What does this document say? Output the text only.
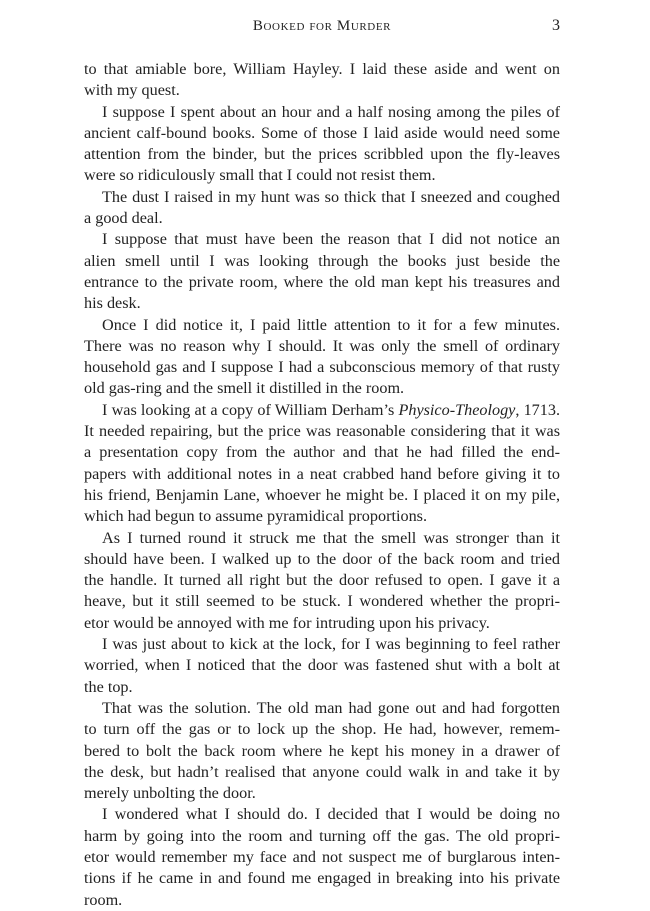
Booked for Murder	3
to that amiable bore, William Hayley. I laid these aside and went on
with my quest.
I suppose I spent about an hour and a half nosing among the piles of
ancient calf-bound books. Some of those I laid aside would need some
attention from the binder, but the prices scribbled upon the fly-leaves
were so ridiculously small that I could not resist them.
The dust I raised in my hunt was so thick that I sneezed and coughed
a good deal.
I suppose that must have been the reason that I did not notice an
alien smell until I was looking through the books just beside the
entrance to the private room, where the old man kept his treasures and
his desk.
Once I did notice it, I paid little attention to it for a few minutes.
There was no reason why I should. It was only the smell of ordinary
household gas and I suppose I had a subconscious memory of that rusty
old gas-ring and the smell it distilled in the room.
I was looking at a copy of William Derham’s Physico-Theology, 1713.
It needed repairing, but the price was reasonable considering that it was
a presentation copy from the author and that he had filled the end-
papers with additional notes in a neat crabbed hand before giving it to
his friend, Benjamin Lane, whoever he might be. I placed it on my pile,
which had begun to assume pyramidical proportions.
As I turned round it struck me that the smell was stronger than it
should have been. I walked up to the door of the back room and tried
the handle. It turned all right but the door refused to open. I gave it a
heave, but it still seemed to be stuck. I wondered whether the propri-
etor would be annoyed with me for intruding upon his privacy.
I was just about to kick at the lock, for I was beginning to feel rather
worried, when I noticed that the door was fastened shut with a bolt at
the top.
That was the solution. The old man had gone out and had forgotten
to turn off the gas or to lock up the shop. He had, however, remem-
bered to bolt the back room where he kept his money in a drawer of
the desk, but hadn’t realised that anyone could walk in and take it by
merely unbolting the door.
I wondered what I should do. I decided that I would be doing no
harm by going into the room and turning off the gas. The old propri-
etor would remember my face and not suspect me of burglarous inten-
tions if he came in and found me engaged in breaking into his private
room.
